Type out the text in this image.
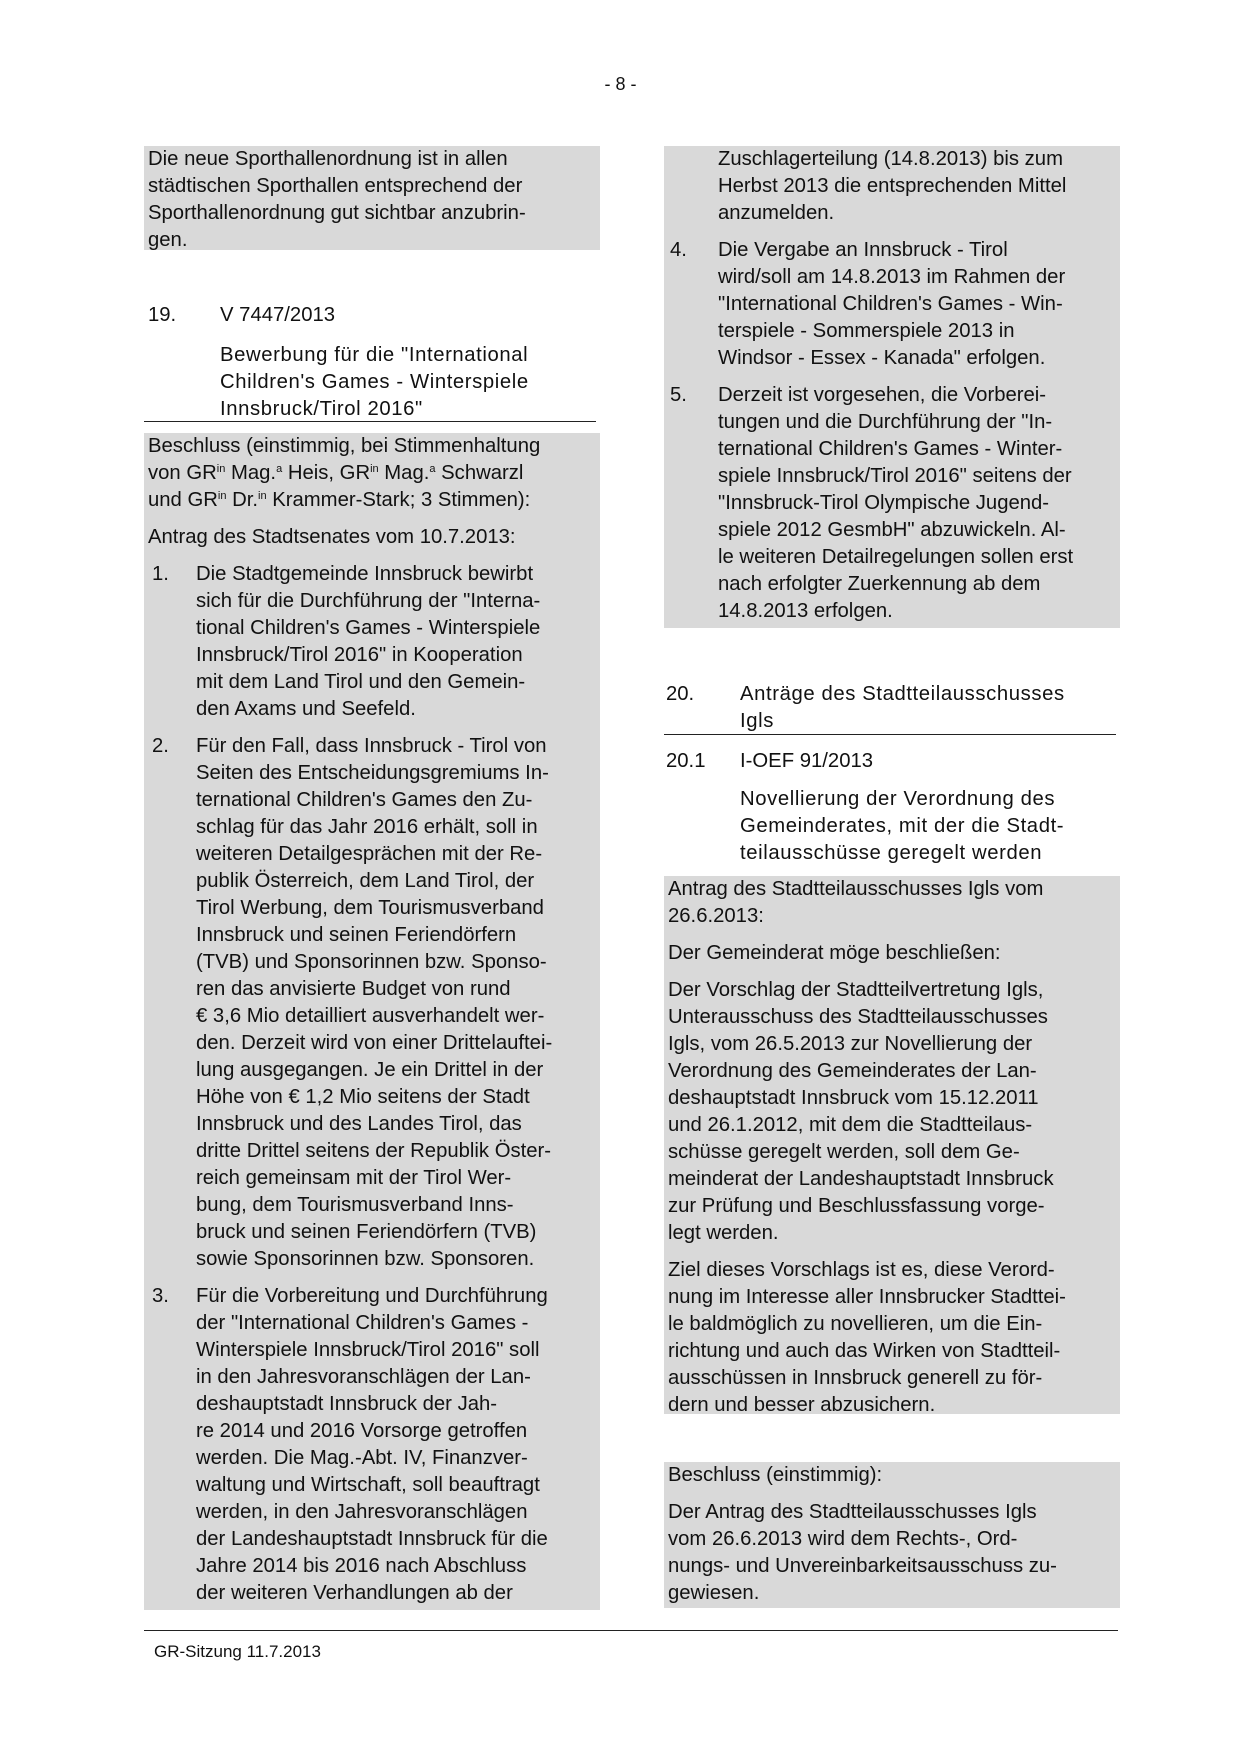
- 8 -
Die neue Sporthallenordnung ist in allen
städtischen Sporthallen entsprechend der
Sporthallenordnung gut sichtbar anzubrin-
gen.
19. V 7447/2013
Bewerbung für die "International
Children's Games - Winterspiele
Innsbruck/Tirol 2016"
Beschluss (einstimmig, bei Stimmenhaltung
von $GR^{in}$ Mag.$^a$ Heis, $GR^{in}$ Mag.$^a$ Schwarzl
und $GR^{in}$ Dr.$^{in}$ Krammer-Stark; 3 Stimmen):
Antrag des Stadtsenates vom 10.7.2013:
1. Die Stadtgemeinde Innsbruck bewirbt
sich für die Durchführung der "Interna-
tional Children's Games - Winterspiele
Innsbruck/Tirol 2016" in Kooperation
mit dem Land Tirol und den Gemein-
den Axams und Seefeld.
2. Für den Fall, dass Innsbruck - Tirol von
Seiten des Entscheidungsgremiums In-
ternational Children's Games den Zu-
schlag für das Jahr 2016 erhält, soll in
weiteren Detailgesprächen mit der Re-
publik Österreich, dem Land Tirol, der
Tirol Werbung, dem Tourismusverband
Innsbruck und seinen Feriendörfern
(TVB) und Sponsorinnen bzw. Sponso-
ren das anvisierte Budget von rund
€ 3,6 Mio detailliert ausverhandelt wer-
den. Derzeit wird von einer Drittelauftei-
lung ausgegangen. Je ein Drittel in der
Höhe von € 1,2 Mio seitens der Stadt
Innsbruck und des Landes Tirol, das
dritte Drittel seitens der Republik Öster-
reich gemeinsam mit der Tirol Wer-
bung, dem Tourismusverband Inns-
bruck und seinen Feriendörfern (TVB)
sowie Sponsorinnen bzw. Sponsoren.
3. Für die Vorbereitung und Durchführung
der "International Children's Games -
Winterspiele Innsbruck/Tirol 2016" soll
in den Jahresvoranschlägen der Lan-
deshauptstadt Innsbruck der Jah-
re 2014 und 2016 Vorsorge getroffen
werden. Die Mag.-Abt. IV, Finanzver-
waltung und Wirtschaft, soll beauftragt
werden, in den Jahresvoranschlägen
der Landeshauptstadt Innsbruck für die
Jahre 2014 bis 2016 nach Abschluss
der weiteren Verhandlungen ab der
Zuschlagerteilung (14.8.2013) bis zum
Herbst 2013 die entsprechenden Mittel
anzumelden.
4. Die Vergabe an Innsbruck - Tirol
wird/soll am 14.8.2013 im Rahmen der
"International Children's Games - Win-
terspiele - Sommerspiele 2013 in
Windsor - Essex - Kanada" erfolgen.
5. Derzeit ist vorgesehen, die Vorberei-
tungen und die Durchführung der "In-
ternational Children's Games - Winter-
spiele Innsbruck/Tirol 2016" seitens der
"Innsbruck-Tirol Olympische Jugend-
spiele 2012 GesmbH" abzuwickeln. Al-
le weiteren Detailregelungen sollen erst
nach erfolgter Zuerkennung ab dem
14.8.2013 erfolgen.
20. Anträge des Stadtteilausschusses
Igls
20.1 I-OEF 91/2013
Novellierung der Verordnung des
Gemeinderates, mit der die Stadt-
teilausschüsse geregelt werden
Antrag des Stadtteilausschusses Igls vom
26.6.2013:
Der Gemeinderat möge beschließen:
Der Vorschlag der Stadtteilvertretung Igls,
Unterausschuss des Stadtteilausschusses
Igls, vom 26.5.2013 zur Novellierung der
Verordnung des Gemeinderates der Lan-
deshauptstadt Innsbruck vom 15.12.2011
und 26.1.2012, mit dem die Stadtteilaus-
schüsse geregelt werden, soll dem Ge-
meinderat der Landeshauptstadt Innsbruck
zur Prüfung und Beschlussfassung vorge-
legt werden.
Ziel dieses Vorschlags ist es, diese Verord-
nung im Interesse aller Innsbrucker Stadttei-
le baldmöglich zu novellieren, um die Ein-
richtung und auch das Wirken von Stadtteil-
ausschüssen in Innsbruck generell zu för-
dern und besser abzusichern.
Beschluss (einstimmig):
Der Antrag des Stadtteilausschusses Igls
vom 26.6.2013 wird dem Rechts-, Ord-
nungs- und Unvereinbarkeitsausschuss zu-
gewiesen.
GR-Sitzung 11.7.2013
